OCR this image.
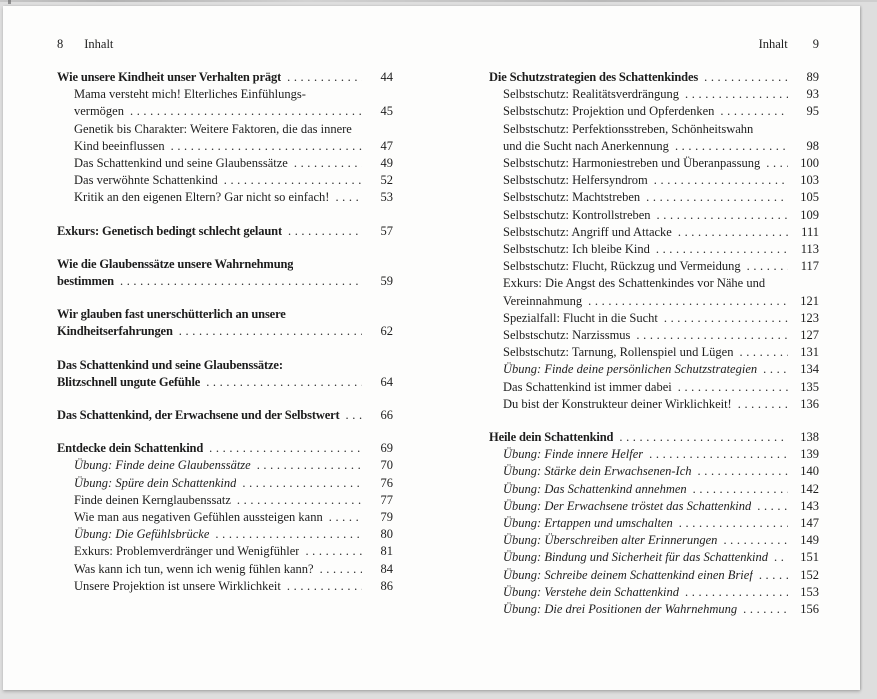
8 Inhalt	Inhalt 9
Wie unsere Kindheit unser Verhalten prägt .....	44
Mama versteht mich! Elterliches Einfühlungs-
vermögen .....	45
Genetik bis Charakter: Weitere Faktoren, die das innere
Kind beeinflussen .....	47
Das Schattenkind und seine Glaubenssätze .....	49
Das verwöhnte Schattenkind .....	52
Kritik an den eigenen Eltern? Gar nicht so einfach! .....	53
Exkurs: Genetisch bedingt schlecht gelaunt .....	57
Wie die Glaubenssätze unsere Wahrnehmung
bestimmen .....	59
Wir glauben fast unerschütterlich an unsere
Kindheitserfahrungen .....	62
Das Schattenkind und seine Glaubenssätze:
Blitzschnell ungute Gefühle .....	64
Das Schattenkind, der Erwachsene und der Selbstwert .....	66
Entdecke dein Schattenkind .....	69
Übung: Finde deine Glaubenssätze .....	70
Übung: Spüre dein Schattenkind .....	76
Finde deinen Kernglaubenssatz .....	77
Wie man aus negativen Gefühlen aussteigen kann .....	79
Übung: Die Gefühlsbrücke .....	80
Exkurs: Problemverdränger und Wenigfühler .....	81
Was kann ich tun, wenn ich wenig fühlen kann? .....	84
Unsere Projektion ist unsere Wirklichkeit .....	86
Die Schutzstrategien des Schattenkindes .....	89
Selbstschutz: Realitätsverdrängung .....	93
Selbstschutz: Projektion und Opferdenken .....	95
Selbstschutz: Perfektionsstreben, Schönheitswahn
und die Sucht nach Anerkennung .....	98
Selbstschutz: Harmoniestreben und Überanpassung .....	100
Selbstschutz: Helfersyndrom .....	103
Selbstschutz: Machtstreben .....	105
Selbstschutz: Kontrollstreben .....	109
Selbstschutz: Angriff und Attacke .....	111
Selbstschutz: Ich bleibe Kind .....	113
Selbstschutz: Flucht, Rückzug und Vermeidung .....	117
Exkurs: Die Angst des Schattenkindes vor Nähe und
Vereinnahmung .....	121
Spezialfall: Flucht in die Sucht .....	123
Selbstschutz: Narzissmus .....	127
Selbstschutz: Tarnung, Rollenspiel und Lügen .....	131
Übung: Finde deine persönlichen Schutzstrategien .....	134
Das Schattenkind ist immer dabei .....	135
Du bist der Konstrukteur deiner Wirklichkeit! .....	136
Heile dein Schattenkind .....	138
Übung: Finde innere Helfer .....	139
Übung: Stärke dein Erwachsenen-Ich .....	140
Übung: Das Schattenkind annehmen .....	142
Übung: Der Erwachsene tröstet das Schattenkind .....	143
Übung: Ertappen und umschalten .....	147
Übung: Überschreiben alter Erinnerungen .....	149
Übung: Bindung und Sicherheit für das Schattenkind .....	151
Übung: Schreibe deinem Schattenkind einen Brief .....	152
Übung: Verstehe dein Schattenkind .....	153
Übung: Die drei Positionen der Wahrnehmung .....	156
